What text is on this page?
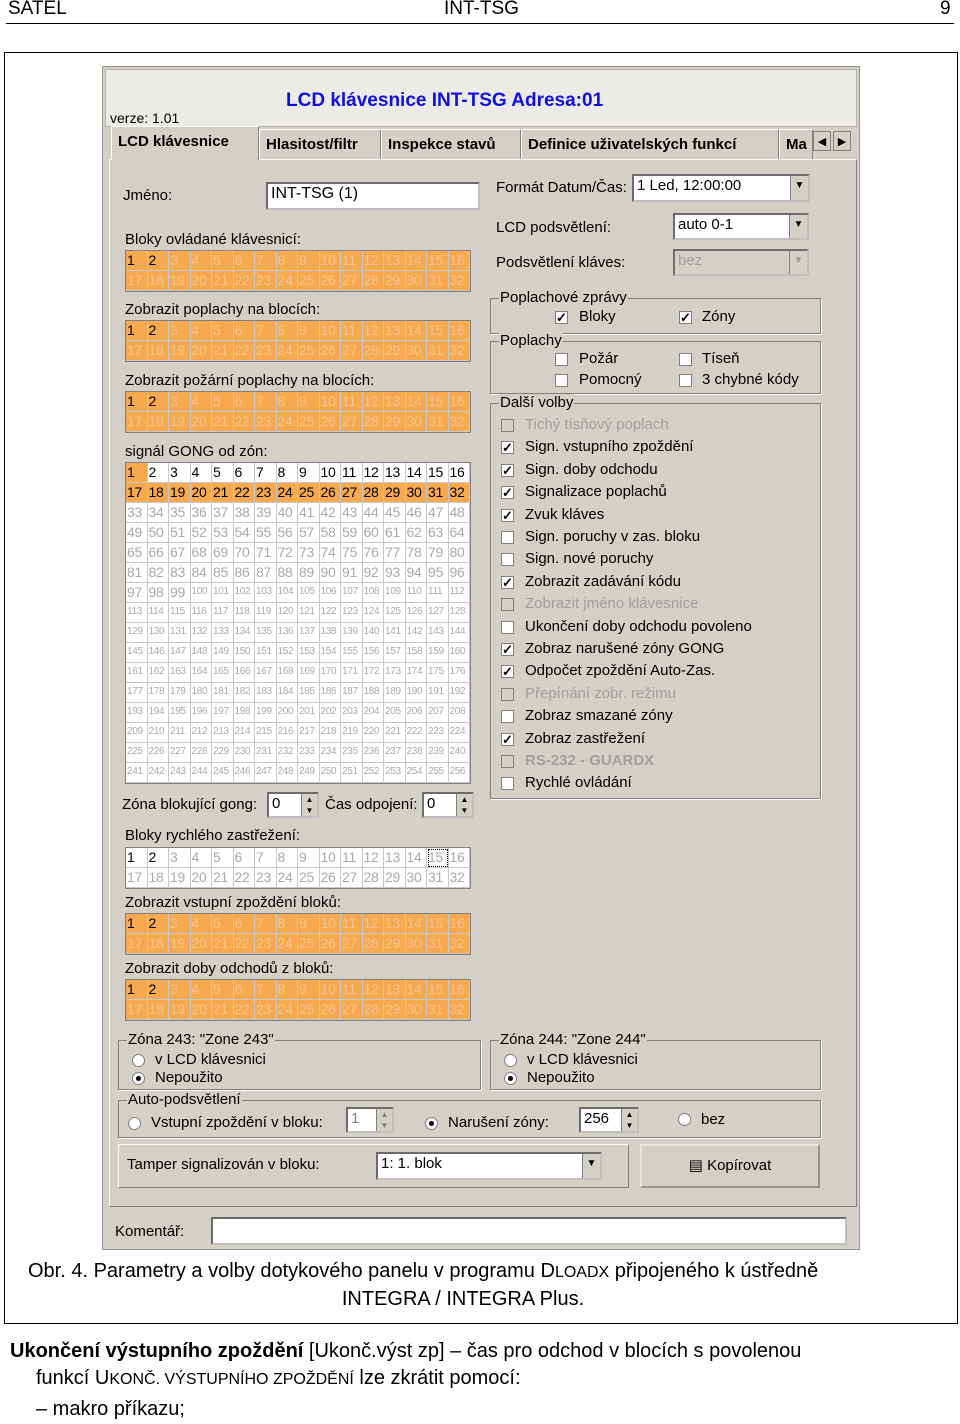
SATEL	INT-TSG	9
verze: 1.01
LCD klávesnice INT-TSG Adresa:01
LCD klávesnice	Hlasitost/filtr	Inspekce stavů	Definice uživatelských funkcí	Ma ◀	▶
Jméno:	INT-TSG (1)
Bloky ovládané klávesnicí:
1	2	3	4	5	6	7	8	9	10 11 12 13 14 15 16
17 18 19 20 21 22 23 24 25 26 27 28 29 30 31 32
Zobrazit poplachy na blocích:
1	2	3	4	5	6	7	8	9	10 11 12 13 14 15 16
17 18 19 20 21 22 23 24 25 26 27 28 29 30 31 32
Zobrazit požární poplachy na blocích:
1	2	3	4	5	6	7	8	9	10 11 12 13 14 15 16
17 18 19 20 21 22 23 24 25 26 27 28 29 30 31 32
signál GONG od zón:
1	2	3	4	5	6	7	8	9	10 11 12 13 14 15 16
17 18 19 20 21 22 23 24 25 26 27 28 29 30 31 32
33 34 35 36 37 38 39 40 41 42 43 44 45 46 47 48
49 50 51 52 53 54 55 56 57 58 59 60 61 62 63 64
65 66 67 68 69 70 71 72 73 74 75 76 77 78 79 80
81 82 83 84 85 86 87 88 89 90 91 92 93 94 95 96
97 98 99 100 101 102 103 104 105 106 107 108 109 110 111 112
113 114 115 116 117 118 119 120 121 122 123 124 125 126 127 128
129 130 131 132 133 134 135 136 137 138 139 140 141 142 143 144
145 146 147 148 149 150 151 152 153 154 155 156 157 158 159 160
161 162 163 164 165 166 167 168 169 170 171 172 173 174 175 176
177 178 179 180 181 182 183 184 185 186 187 188 189 190 191 192
193 194 195 196 197 198 199 200 201 202 203 204 205 206 207 208
209 210 211 212 213 214 215 216 217 218 219 220 221 222 223 224
225 226 227 228 229 230 231 232 233 234 235 236 237 238 239 240
241 242 243 244 245 246 247 248 249 250 251 252 253 254 255 256
Zóna blokující gong: 0	▲
▼ Čas odpojení: 0	▲
▼
Bloky rychlého zastřežení:
1	2	3	4	5	6	7	8	9	10 11 12 13 14 15 16
17 18 19 20 21 22 23 24 25 26 27 28 29 30 31 32
Zobrazit vstupní zpoždění bloků:
1	2	3	4	5	6	7	8	9	10 11 12 13 14 15 16
17 18 19 20 21 22 23 24 25 26 27 28 29 30 31 32
Zobrazit doby odchodů z bloků:
1	2	3	4	5	6	7	8	9	10 11 12 13 14 15 16
17 18 19 20 21 22 23 24 25 26 27 28 29 30 31 32
Formát Datum/Čas: 1 Led, 12:00:00	▼
LCD podsvětlení:	auto 0-1	▼
Podsvětlení kláves:	bez	▼
Poplachové zprávy
✓ Bloky	✓ Zóny
Poplachy
Požár	Tíseň
Pomocný	3 chybné kódy
Další volby
Tichý tísňový poplach
✓ Sign. vstupního zpoždění
✓ Sign. doby odchodu
✓ Signalizace poplachů
✓ Zvuk kláves
Sign. poruchy v zas. bloku
Sign. nové poruchy
✓ Zobrazit zadávání kódu
Zobrazit jméno klávesnice
Ukončení doby odchodu povoleno
✓ Zobraz narušené zóny GONG
✓ Odpočet zpoždění Auto-Zas.
Přepínání zobr. režimu
Zobraz smazané zóny
✓ Zobraz zastřežení
RS-232 - GUARDX
Rychlé ovládání
Zóna 243: "Zone 243"
v LCD klávesnici
Nepoužito
Zóna 244: "Zone 244"
v LCD klávesnici
Nepoužito
Auto-podsvětlení
Vstupní zpoždění v bloku:	1	▲
▼	Narušení zóny:	256	▲
▼	bez
Tamper signalizován v bloku:	1: 1. blok	▼	▤ Kopírovat
Komentář:
Obr. 4. Parametry a volby dotykového panelu v programu DLOADX připojeného k ústředně
INTEGRA / INTEGRA Plus.
Ukončení výstupního zpoždění [Ukonč.výst zp] – čas pro odchod v blocích s povolenou
funkcí UKONČ. VÝSTUPNÍHO ZPOŽDĚNÍ lze zkrátit pomocí:
– makro příkazu;
